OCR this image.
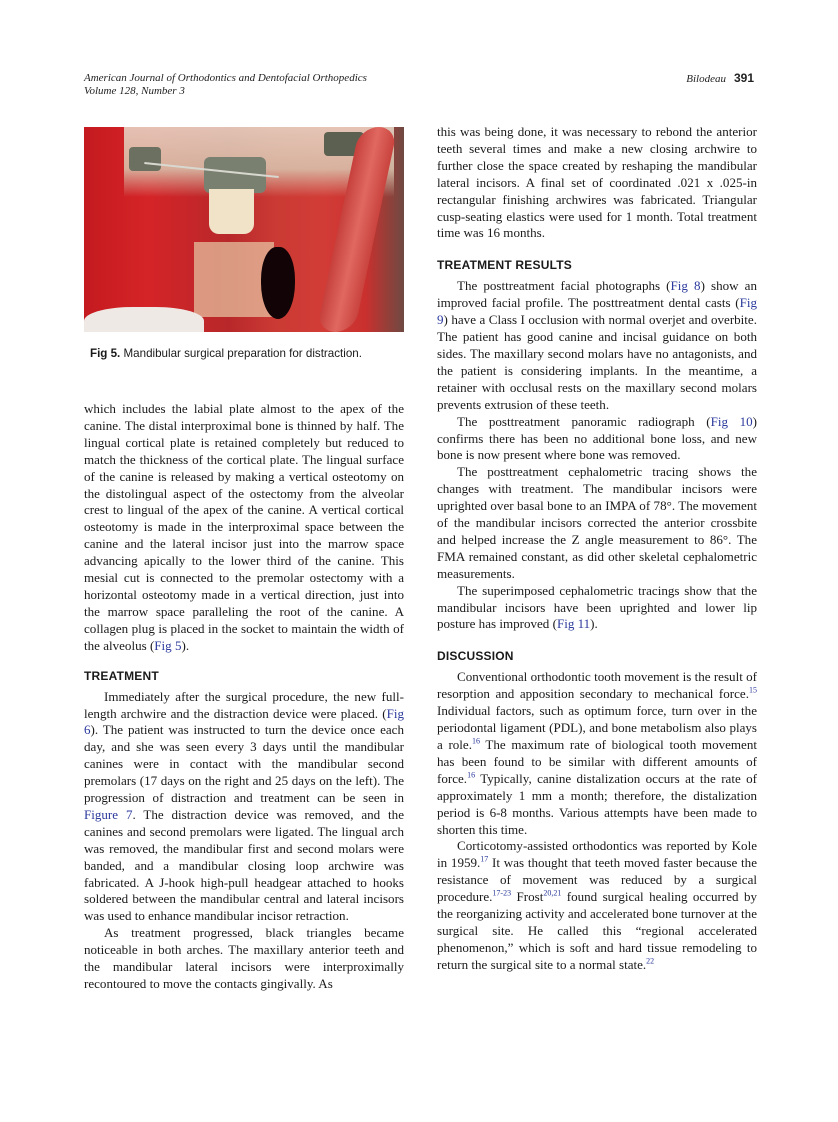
American Journal of Orthodontics and Dentofacial Orthopedics
Volume 128, Number 3
Bilodeau 391
Fig 5. Mandibular surgical preparation for distraction.

which includes the labial plate almost to the apex of the canine. The distal interproximal bone is thinned by half. The lingual cortical plate is retained completely but reduced to match the thickness of the cortical plate. The lingual surface of the canine is released by making a vertical osteotomy on the distolingual aspect of the ostectomy from the alveolar crest to lingual of the apex of the canine. A vertical cortical osteotomy is made in the interproximal space between the canine and the lateral incisor just into the marrow space advancing apically to the lower third of the canine. This mesial cut is connected to the premolar ostectomy with a horizontal osteotomy made in a vertical direction, just into the marrow space paralleling the root of the canine. A collagen plug is placed in the socket to maintain the width of the alveolus (Fig 5).

TREATMENT

Immediately after the surgical procedure, the new full-length archwire and the distraction device were placed. (Fig 6). The patient was instructed to turn the device once each day, and she was seen every 3 days until the mandibular canines were in contact with the mandibular second premolars (17 days on the right and 25 days on the left). The progression of distraction and treatment can be seen in Figure 7. The distraction device was removed, and the canines and second premolars were ligated. The lingual arch was removed, the mandibular first and second molars were banded, and a mandibular closing loop archwire was fabricated. A J-hook high-pull headgear attached to hooks soldered between the mandibular central and lateral incisors was used to enhance mandibular incisor retraction.

As treatment progressed, black triangles became noticeable in both arches. The maxillary anterior teeth and the mandibular lateral incisors were interproximally recontoured to move the contacts gingivally. As

this was being done, it was necessary to rebond the anterior teeth several times and make a new closing archwire to further close the space created by reshaping the mandibular lateral incisors. A final set of coordinated .021 x .025-in rectangular finishing archwires was fabricated. Triangular cusp-seating elastics were used for 1 month. Total treatment time was 16 months.

TREATMENT RESULTS

The posttreatment facial photographs (Fig 8) show an improved facial profile. The posttreatment dental casts (Fig 9) have a Class I occlusion with normal overjet and overbite. The patient has good canine and incisal guidance on both sides. The maxillary second molars have no antagonists, and the patient is considering implants. In the meantime, a retainer with occlusal rests on the maxillary second molars prevents extrusion of these teeth.

The posttreatment panoramic radiograph (Fig 10) confirms there has been no additional bone loss, and new bone is now present where bone was removed.

The posttreatment cephalometric tracing shows the changes with treatment. The mandibular incisors were uprighted over basal bone to an IMPA of 78°. The movement of the mandibular incisors corrected the anterior crossbite and helped increase the Z angle measurement to 86°. The FMA remained constant, as did other skeletal cephalometric measurements.

The superimposed cephalometric tracings show that the mandibular incisors have been uprighted and lower lip posture has improved (Fig 11).

DISCUSSION

Conventional orthodontic tooth movement is the result of resorption and apposition secondary to mechanical force.$^{15}$ Individual factors, such as optimum force, turn over in the periodontal ligament (PDL), and bone metabolism also plays a role.$^{16}$ The maximum rate of biological tooth movement has been found to be similar with different amounts of force.$^{16}$ Typically, canine distalization occurs at the rate of approximately 1 mm a month; therefore, the distalization period is 6-8 months. Various attempts have been made to shorten this time.

Corticotomy-assisted orthodontics was reported by Kole in 1959.17 It was thought that teeth moved faster because the resistance of movement was reduced by a surgical procedure.$^{17-23}$ Frost$^{20,21}$ found surgical healing occurred by the reorganizing activity and accelerated bone turnover at the surgical site. He called this “regional accelerated phenomenon,” which is soft and hard tissue remodeling to return the surgical site to a normal state.$^{22}$
